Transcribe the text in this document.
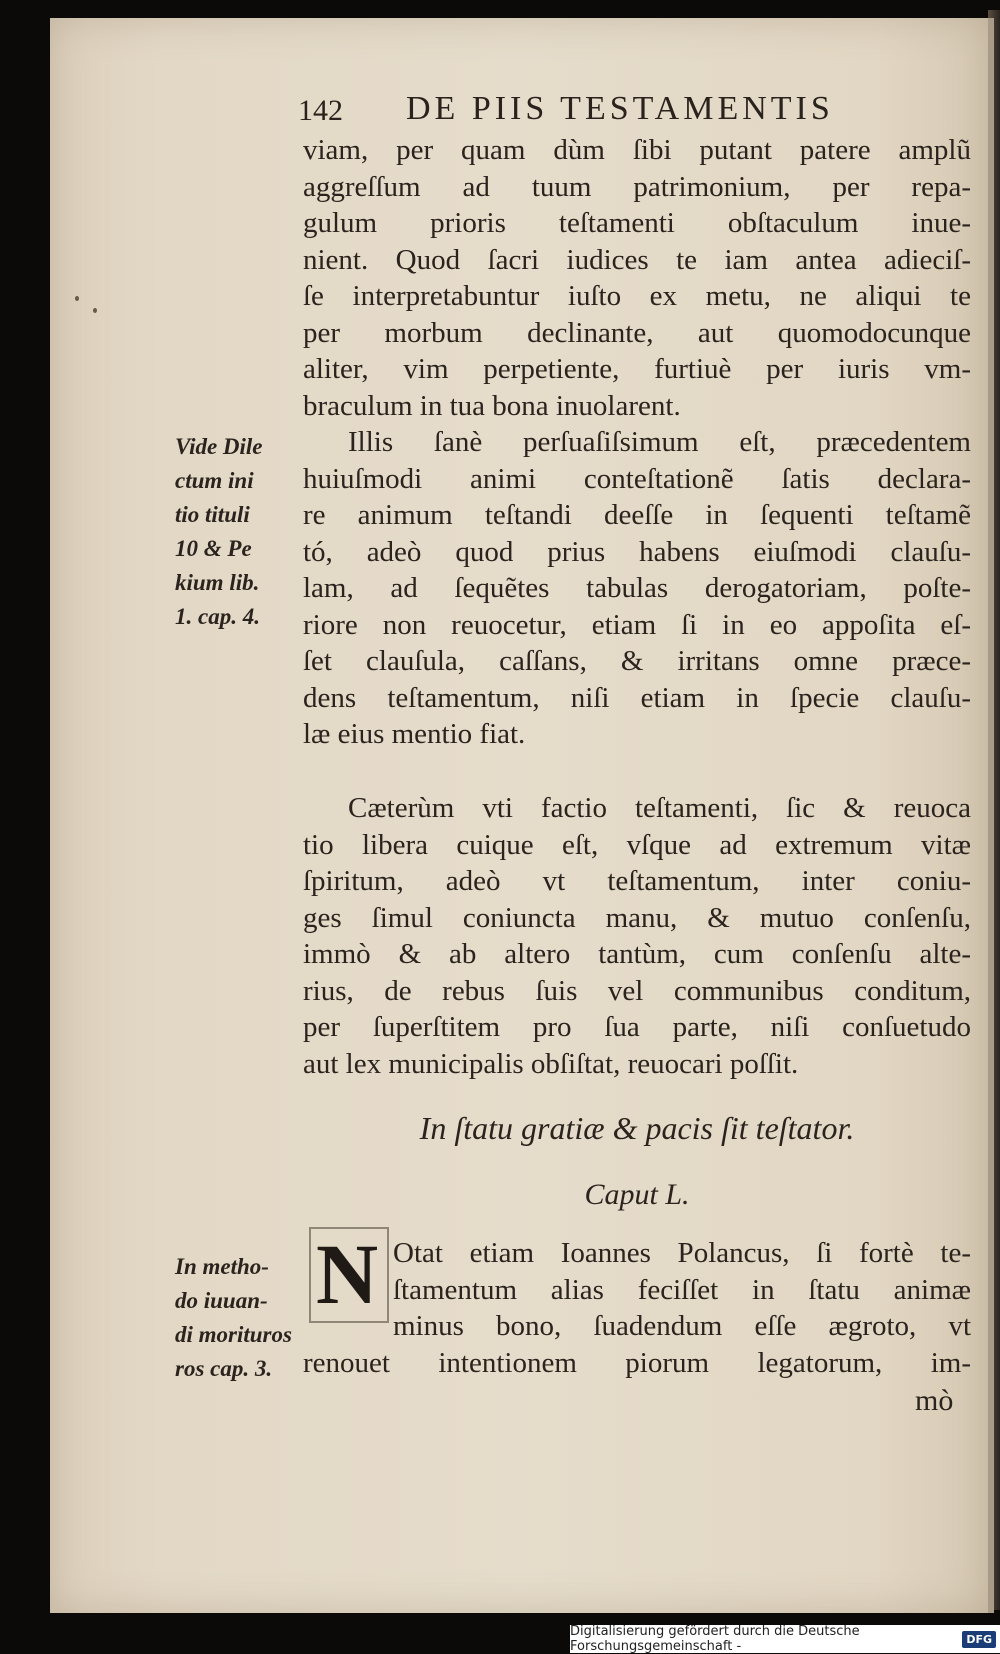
142 DE PIIS TESTAMENTIS
viam, per quam dùm ſibi putant patere amplũ
aggreſſum ad tuum patrimonium, per repa-
gulum prioris teſtamenti obſtaculum inue-
nient. Quod ſacri iudices te iam antea adieciſ-
ſe interpretabuntur iuſto ex metu, ne aliqui te
per morbum declinante, aut quomodocunque
aliter, vim perpetiente, furtiuè per iuris vm-
braculum in tua bona inuolarent.
Illis ſanè perſuaſiſsimum eſt, præcedentem
huiuſmodi animi conteſtationẽ ſatis declara-
re animum teſtandi deeſſe in ſequenti teſtamẽ
tó, adeò quod prius habens eiuſmodi clauſu-
lam, ad ſequẽtes tabulas derogatoriam, poſte-
riore non reuocetur, etiam ſi in eo appoſita eſ-
ſet clauſula, caſſans, & irritans omne præce-
dens teſtamentum, niſi etiam in ſpecie clauſu-
læ eius mentio fiat.
Vide Dile
ctum ini
tio tituli
10 & Pe
kium lib.
1. cap. 4.
Cæterùm vti factio teſtamenti, ſic & reuoca
tio libera cuique eſt, vſque ad extremum vitæ
ſpiritum, adeò vt teſtamentum, inter coniu-
ges ſimul coniuncta manu, & mutuo conſenſu,
immò & ab altero tantùm, cum conſenſu alte-
rius, de rebus ſuis vel communibus conditum,
per ſuperſtitem pro ſua parte, niſi conſuetudo
aut lex municipalis obſiſtat, reuocari poſſit.
In ſtatu gratiæ & pacis ſit teſtator.
Caput L.
N Otat etiam Ioannes Polancus, ſi fortè te-
ſtamentum alias feciſſet in ſtatu animæ
minus bono, ſuadendum eſſe ægroto, vt
renouet intentionem piorum legatorum, im-
In metho-
do iuuan-
di morituros
ros cap. 3.
mò
Digitalisierung gefördert durch die Deutsche Forschungsgemeinschaft -	DFG
